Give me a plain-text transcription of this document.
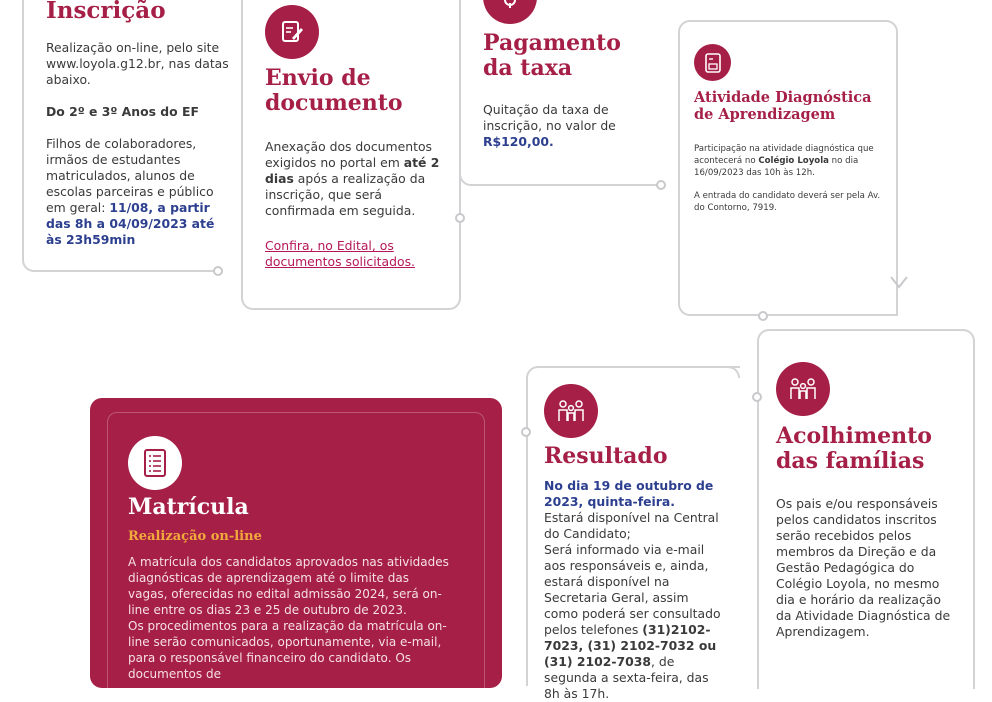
Inscrição

Realização on-line, pelo site www.loyola.g12.br, nas datas abaixo.

Do 2º e 3º Anos do EF

Filhos de colaboradores, irmãos de estudantes matriculados, alunos de escolas parceiras e público em geral: 11/08, a partir das 8h a 04/09/2023 até às 23h59min

Envio de documento

Anexação dos documentos exigidos no portal em até 2 dias após a realização da inscrição, que será confirmada em seguida.

Confira, no Edital, os documentos solicitados.

Pagamento da taxa

Quitação da taxa de inscrição, no valor de R$120,00.

Atividade Diagnóstica de Aprendizagem

Participação na atividade diagnóstica que acontecerá no Colégio Loyola no dia 16/09/2023 das 10h às 12h.

A entrada do candidato deverá ser pela Av. do Contorno, 7919.

Acolhimento das famílias
Os pais e/ou responsáveis pelos candidatos inscritos serão recebidos pelos membros da Direção e da Gestão Pedagógica do Colégio Loyola, no mesmo dia e horário da realização da Atividade Diagnóstica de Aprendizagem.
Resultado

No dia 19 de outubro de 2023, quinta-feira.

Estará disponível na Central do Candidato;

Será informado via e-mail aos responsáveis e, ainda, estará disponível na Secretaria Geral, assim como poderá ser consultado pelos telefones (31)2102-7023, (31) 2102-7032 ou (31) 2102-7038, de segunda a sexta-feira, das 8h às 17h.

Matrícula
Realização on-line

A matrícula dos candidatos aprovados nas atividades diagnósticas de aprendizagem até o limite das vagas, oferecidas no edital admissão 2024, será on-line entre os dias 23 e 25 de outubro de 2023.

Os procedimentos para a realização da matrícula on-line serão comunicados, oportunamente, via e-mail, para o responsável financeiro do candidato. Os documentos de
